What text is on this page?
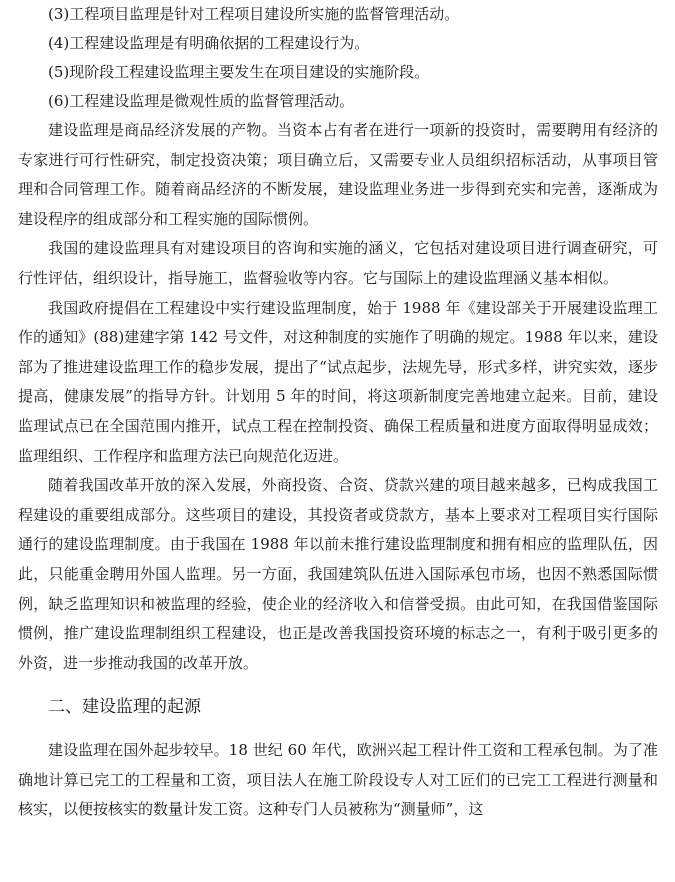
(3)工程项目监理是针对工程项目建设所实施的监督管理活动。

(4)工程建设监理是有明确依据的工程建设行为。

(5)现阶段工程建设监理主要发生在项目建设的实施阶段。

(6)工程建设监理是微观性质的监督管理活动。

建设监理是商品经济发展的产物。当资本占有者在进行一项新的投资时，需要聘用有经济的专家进行可行性研究，制定投资决策；项目确立后，又需要专业人员组织招标活动，从事项目管理和合同管理工作。随着商品经济的不断发展，建设监理业务进一步得到充实和完善，逐渐成为建设程序的组成部分和工程实施的国际惯例。

我国的建设监理具有对建设项目的咨询和实施的涵义，它包括对建设项目进行调查研究，可行性评估，组织设计，指导施工，监督验收等内容。它与国际上的建设监理涵义基本相似。

我国政府提倡在工程建设中实行建设监理制度，始于 1988 年《建设部关于开展建设监理工作的通知》(88)建建字第 142 号文件，对这种制度的实施作了明确的规定。1988 年以来，建设部为了推进建设监理工作的稳步发展，提出了“试点起步，法规先导，形式多样，讲究实效，逐步提高，健康发展”的指导方针。计划用 5 年的时间，将这项新制度完善地建立起来。目前，建设监理试点已在全国范围内推开，试点工程在控制投资、确保工程质量和进度方面取得明显成效；监理组织、工作程序和监理方法已向规范化迈进。

随着我国改革开放的深入发展，外商投资、合资、贷款兴建的项目越来越多，已构成我国工程建设的重要组成部分。这些项目的建设，其投资者或贷款方，基本上要求对工程项目实行国际通行的建设监理制度。由于我国在 1988 年以前未推行建设监理制度和拥有相应的监理队伍，因此，只能重金聘用外国人监理。另一方面，我国建筑队伍进入国际承包市场，也因不熟悉国际惯例，缺乏监理知识和被监理的经验，使企业的经济收入和信誉受损。由此可知，在我国借鉴国际惯例，推广建设监理制组织工程建设，也正是改善我国投资环境的标志之一，有利于吸引更多的外资，进一步推动我国的改革开放。

二、建设监理的起源

建设监理在国外起步较早。18 世纪 60 年代，欧洲兴起工程计件工资和工程承包制。为了准确地计算已完工的工程量和工资，项目法人在施工阶段设专人对工匠们的已完工工程进行测量和核实，以便按核实的数量计发工资。这种专门人员被称为“测量师”，这
